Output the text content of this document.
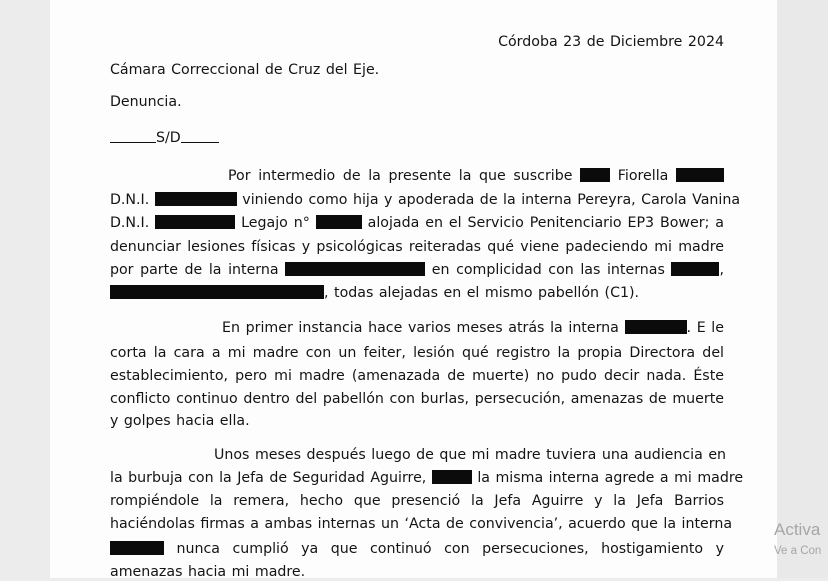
Córdoba 23 de Diciembre 2024
Cámara Correccional de Cruz del Eje.
Denuncia.
S/D
Por intermedio de la presente la que suscribe	Fiorella
D.N.I.	viniendo como hija y apoderada de la interna Pereyra, Carola Vanina
D.N.I.	Legajo n°	alojada en el Servicio Penitenciario EP3 Bower; a
denunciar lesiones físicas y psicológicas reiteradas qué viene padeciendo mi madre
por parte de la interna	en complicidad con las internas	,
, todas alejadas en el mismo pabellón (C1).
En primer instancia hace varios meses atrás la interna	. E le
corta la cara a mi madre con un feiter, lesión qué registro la propia Directora del
establecimiento, pero mi madre (amenazada de muerte) no pudo decir nada. Éste
conflicto continuo dentro del pabellón con burlas, persecución, amenazas de muerte
y golpes hacia ella.
Unos meses después luego de que mi madre tuviera una audiencia en
la burbuja con la Jefa de Seguridad Aguirre,	la misma interna agrede a mi madre
rompiéndole la remera, hecho que presenció la Jefa Aguirre y la Jefa Barrios
haciéndolas firmas a ambas internas un ‘Acta de convivencia’, acuerdo que la interna
nunca cumplió ya que continuó con persecuciones, hostigamiento y
amenazas hacia mi madre.
Activa
Ve a Con
